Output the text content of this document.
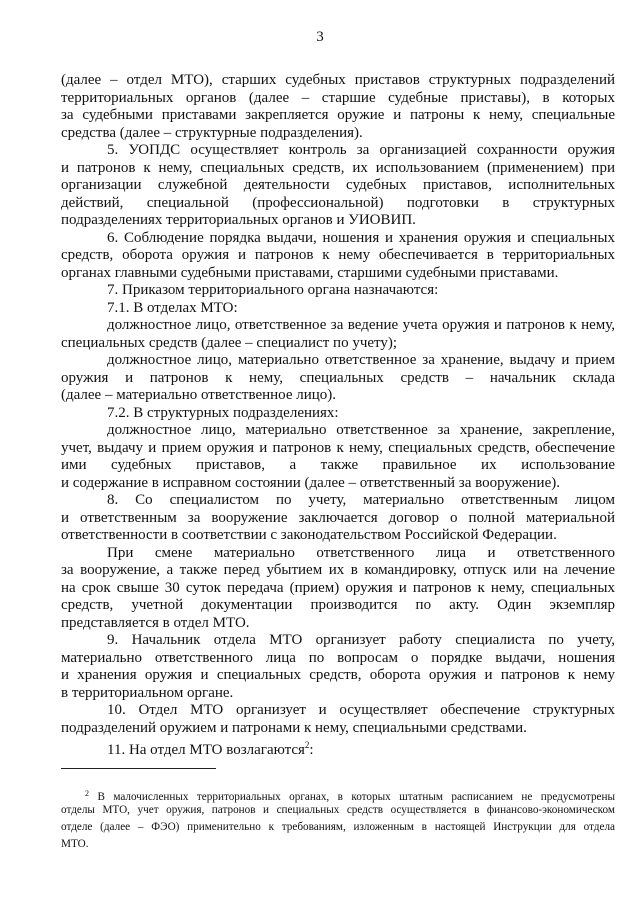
3
(далее – отдел МТО), старших судебных приставов структурных подразделений
территориальных органов (далее – старшие судебные приставы), в которых
за судебными приставами закрепляется оружие и патроны к нему, специальные
средства (далее – структурные подразделения).
5. УОПДС осуществляет контроль за организацией сохранности оружия
и патронов к нему, специальных средств, их использованием (применением) при
организации служебной деятельности судебных приставов, исполнительных
действий, специальной (профессиональной) подготовки в структурных
подразделениях территориальных органов и УИОВИП.
6. Соблюдение порядка выдачи, ношения и хранения оружия и специальных
средств, оборота оружия и патронов к нему обеспечивается в территориальных
органах главными судебными приставами, старшими судебными приставами.
7. Приказом территориального органа назначаются:
7.1. В отделах МТО:
должностное лицо, ответственное за ведение учета оружия и патронов к нему,
специальных средств (далее – специалист по учету);
должностное лицо, материально ответственное за хранение, выдачу и прием
оружия и патронов к нему, специальных средств – начальник склада
(далее – материально ответственное лицо).
7.2. В структурных подразделениях:
должностное лицо, материально ответственное за хранение, закрепление,
учет, выдачу и прием оружия и патронов к нему, специальных средств, обеспечение
ими судебных приставов, а также правильное их использование
и содержание в исправном состоянии (далее – ответственный за вооружение).
8. Со специалистом по учету, материально ответственным лицом
и ответственным за вооружение заключается договор о полной материальной
ответственности в соответствии с законодательством Российской Федерации.
При смене материально ответственного лица и ответственного
за вооружение, а также перед убытием их в командировку, отпуск или на лечение
на срок свыше 30 суток передача (прием) оружия и патронов к нему, специальных
средств, учетной документации производится по акту. Один экземпляр
представляется в отдел МТО.
9. Начальник отдела МТО организует работу специалиста по учету,
материально ответственного лица по вопросам о порядке выдачи, ношения
и хранения оружия и специальных средств, оборота оружия и патронов к нему
в территориальном органе.
10. Отдел МТО организует и осуществляет обеспечение структурных
подразделений оружием и патронами к нему, специальными средствами.
11. На отдел МТО возлагаются$^2$:
$^2$ В малочисленных территориальных органах, в которых штатным расписанием не предусмотрены
отделы МТО, учет оружия, патронов и специальных средств осуществляется в финансово-экономическом
отделе (далее – ФЭО) применительно к требованиям, изложенным в настоящей Инструкции для отдела
МТО.
